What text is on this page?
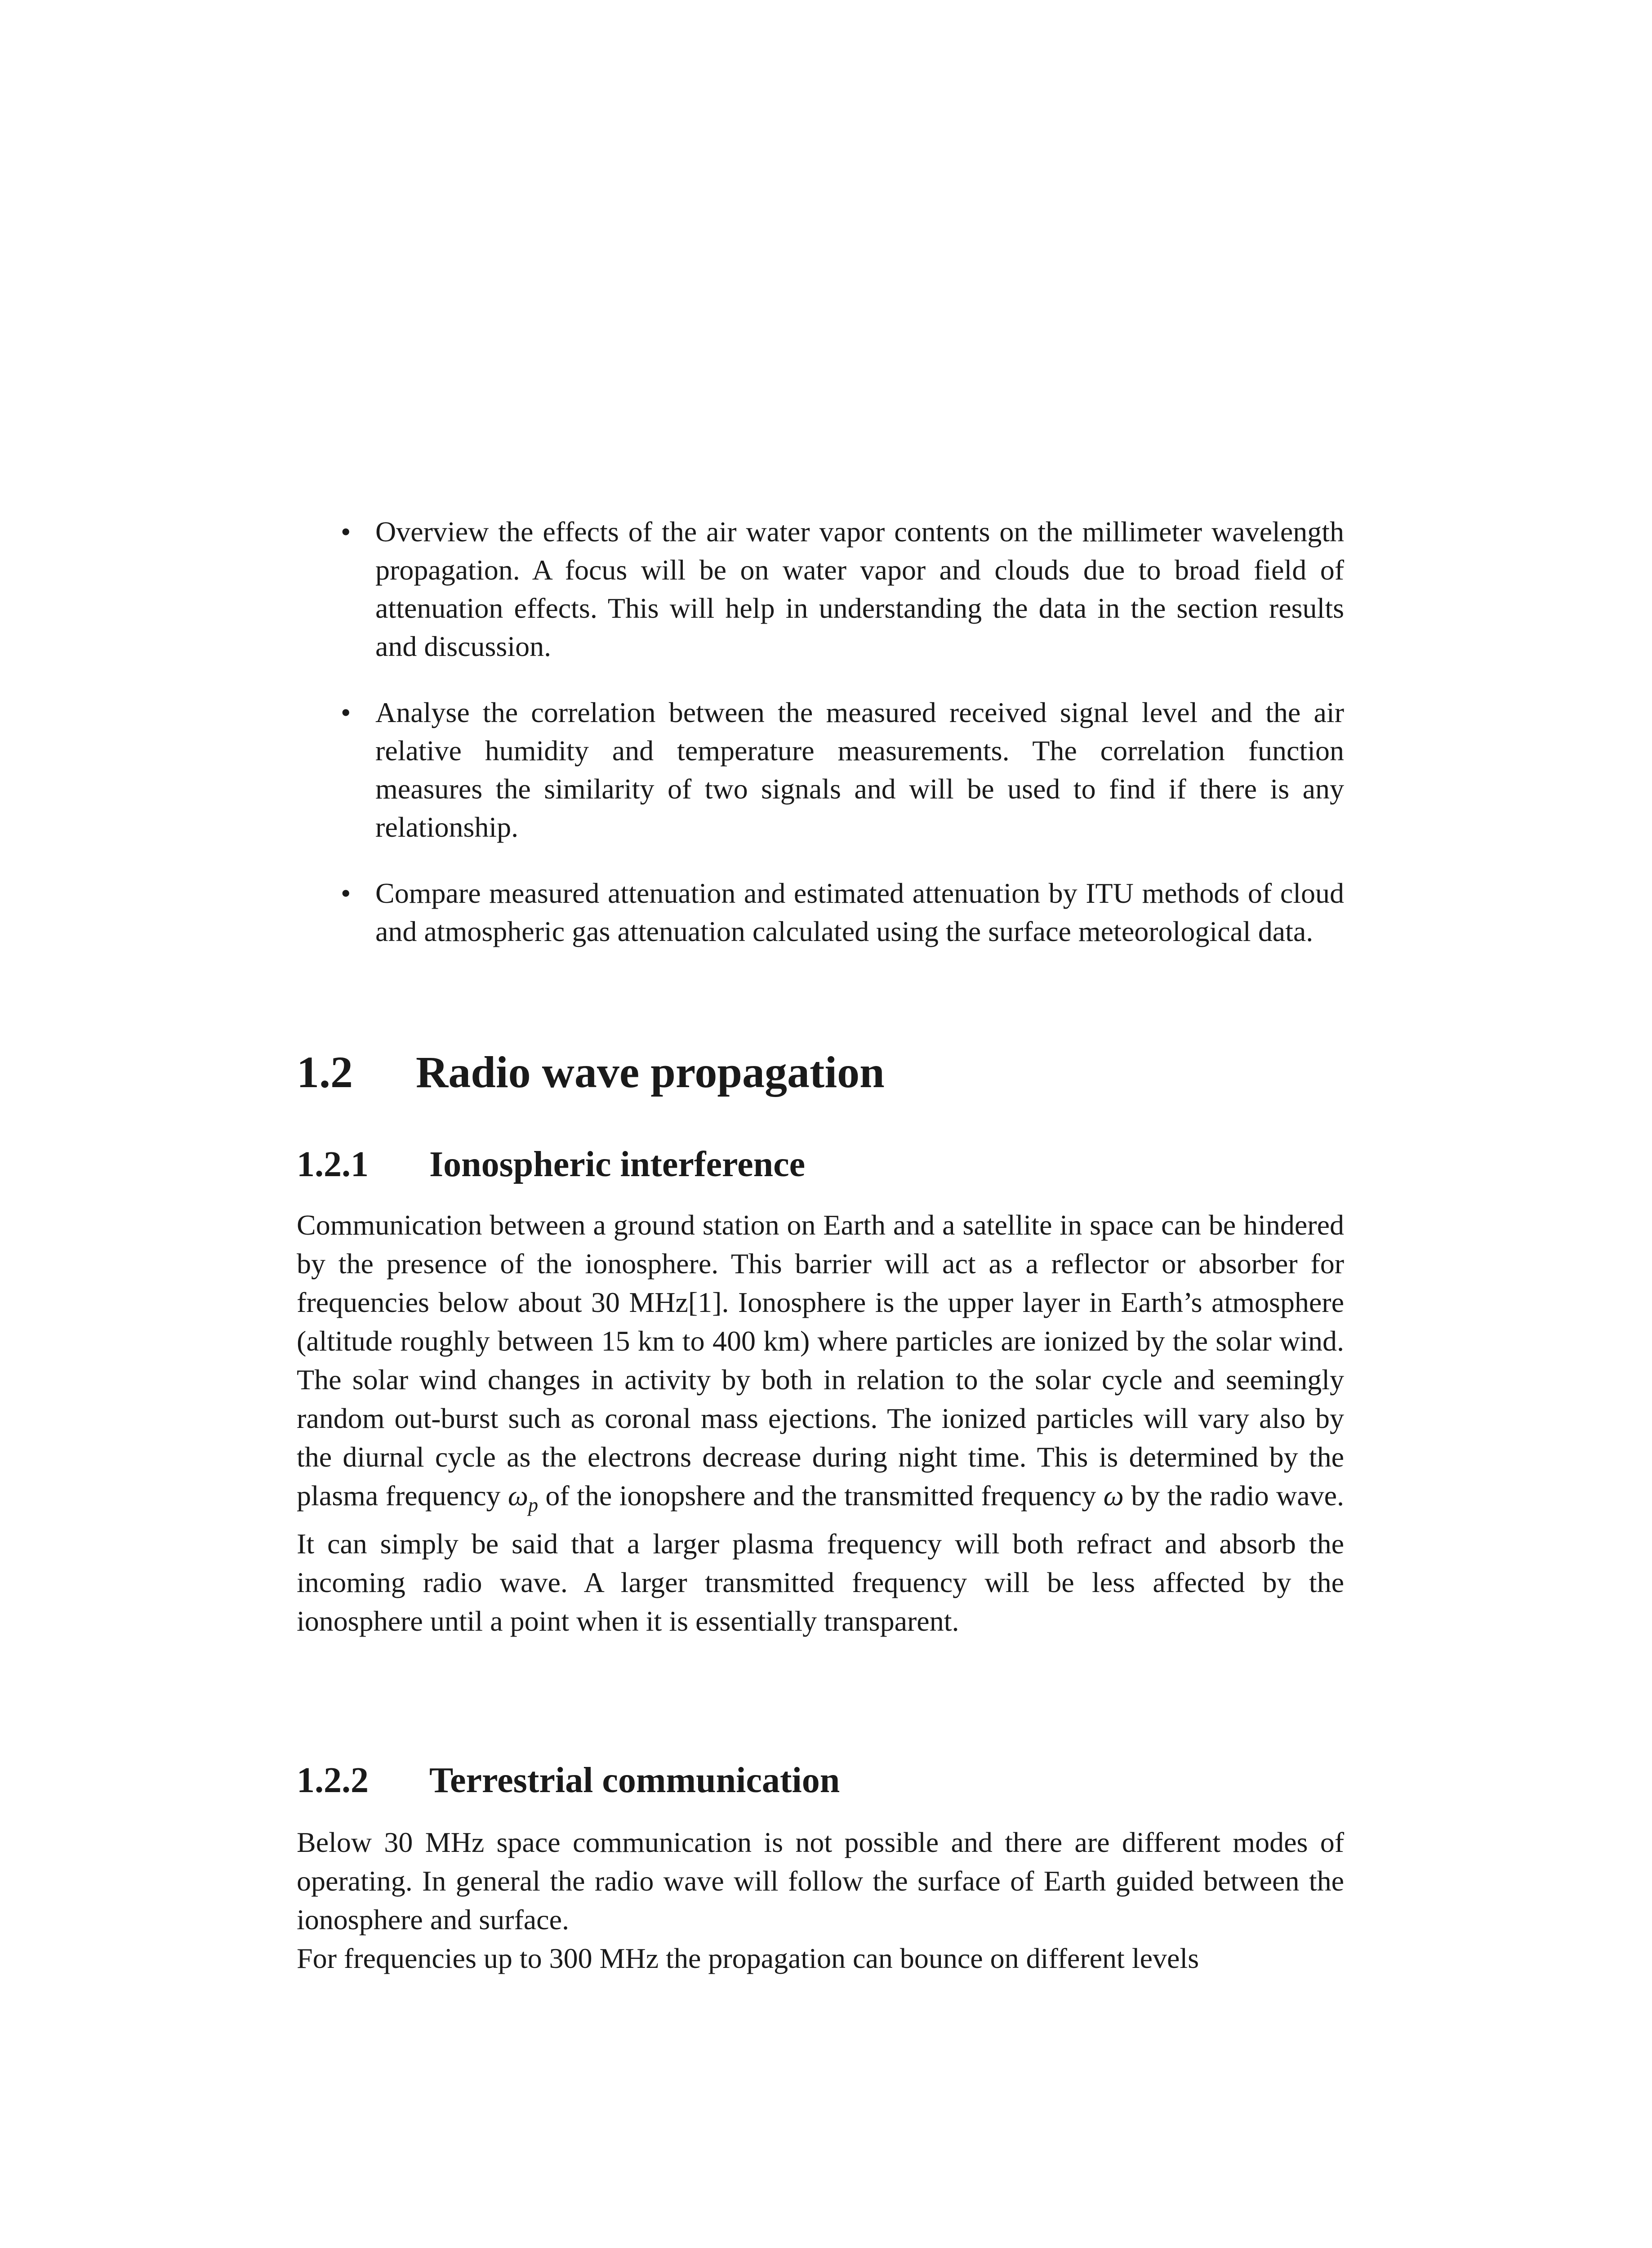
• Overview the effects of the air water vapor contents on the millimeter wavelength propagation. A focus will be on water vapor and clouds due to broad field of attenuation effects. This will help in understanding the data in the section results and discussion.
• Analyse the correlation between the measured received signal level and the air relative humidity and temperature measurements. The correlation function measures the similarity of two signals and will be used to find if there is any relationship.
• Compare measured attenuation and estimated attenuation by ITU methods of cloud and atmospheric gas attenuation calculated using the surface meteorological data.
1.2 Radio wave propagation
1.2.1 Ionospheric interference

Communication between a ground station on Earth and a satellite in space can be hindered by the presence of the ionosphere. This barrier will act as a reflector or absorber for frequencies below about 30 MHz[1]. Ionosphere is the upper layer in Earth’s atmosphere (altitude roughly between 15 km to 400 km) where particles are ionized by the solar wind. The solar wind changes in activity by both in relation to the solar cycle and seemingly random out-burst such as coronal mass ejections. The ionized particles will vary also by the diurnal cycle as the electrons decrease during night time. This is determined by the plasma frequency $\omega_p$ of the ionopshere and the transmitted frequency ω by the radio wave. It can simply be said that a larger plasma frequency will both refract and absorb the incoming radio wave. A larger transmitted frequency will be less affected by the ionosphere until a point when it is essentially transparent.

1.2.2 Terrestrial communication

Below 30 MHz space communication is not possible and there are different modes of operating. In general the radio wave will follow the surface of Earth guided between the ionosphere and surface.

For frequencies up to 300 MHz the propagation can bounce on different levels
